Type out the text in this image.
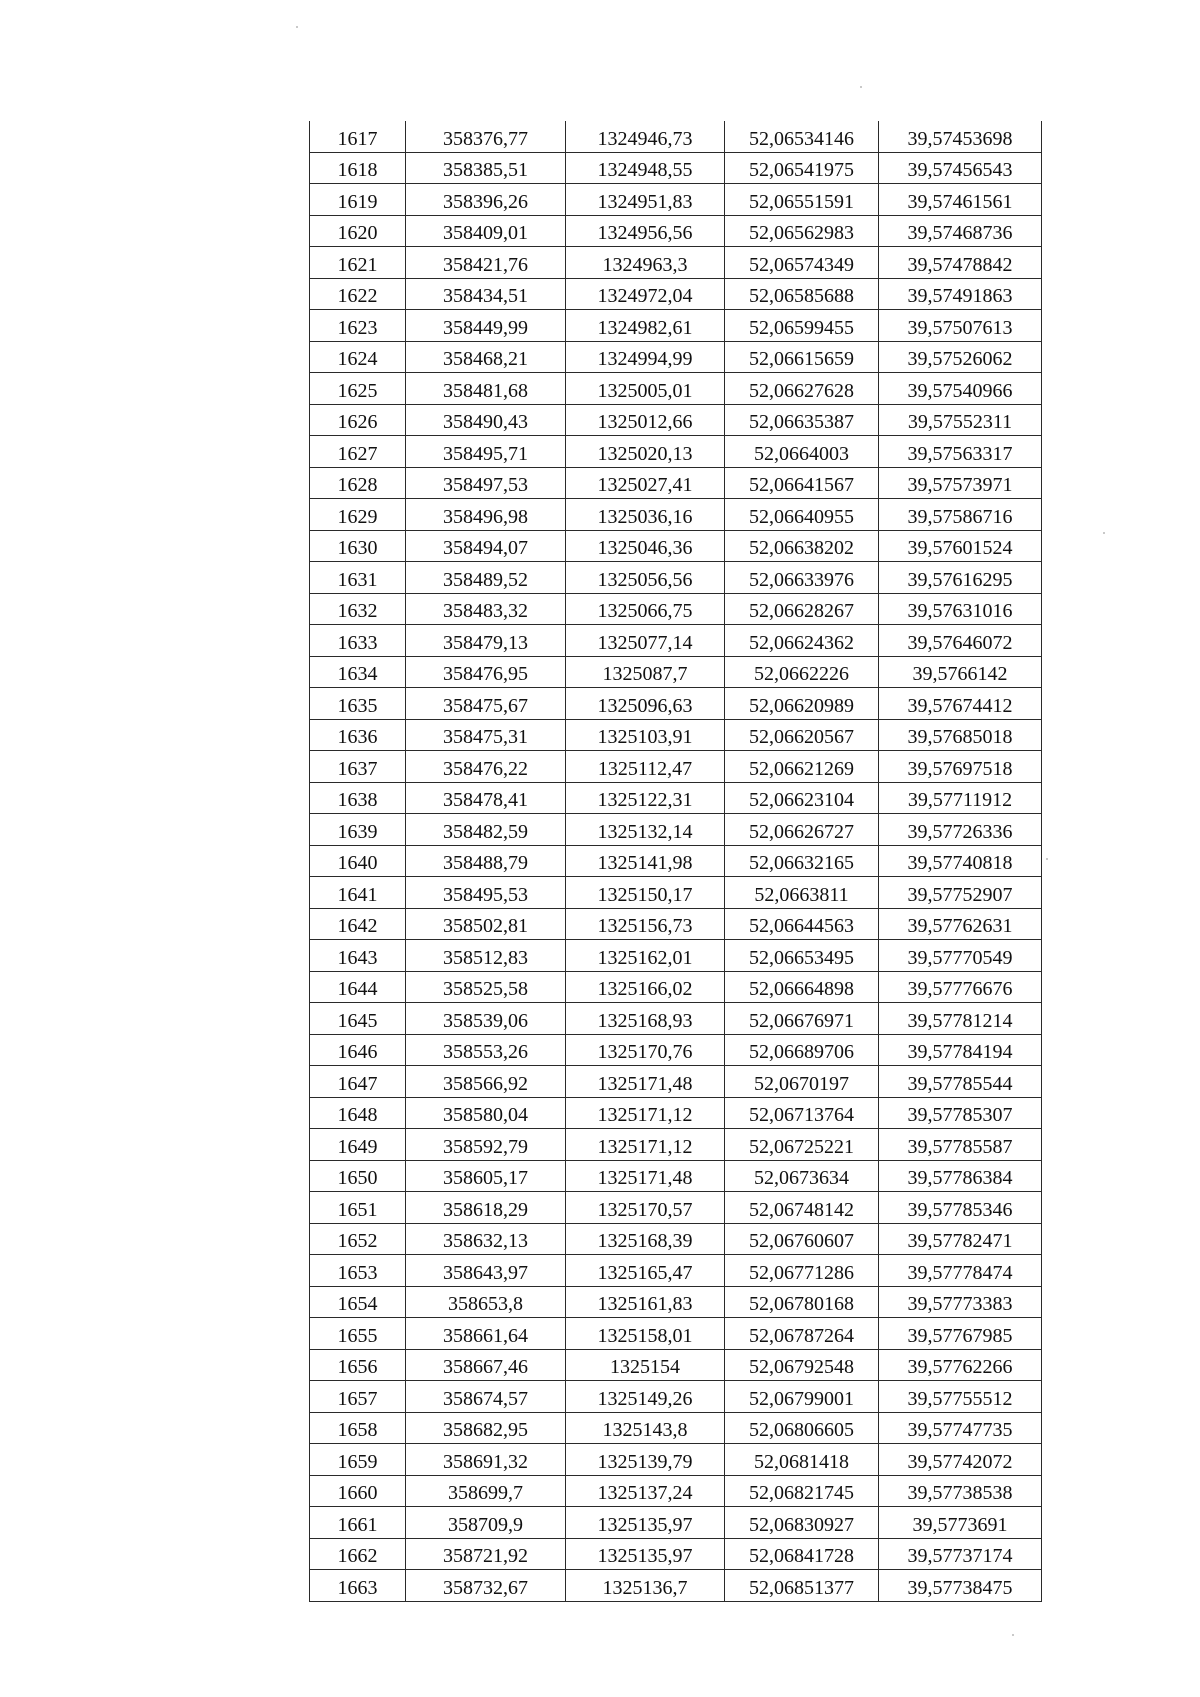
1617	358376,77	1324946,73	52,06534146	39,57453698
1618	358385,51	1324948,55	52,06541975	39,57456543
1619	358396,26	1324951,83	52,06551591	39,57461561
1620	358409,01	1324956,56	52,06562983	39,57468736
1621	358421,76	1324963,3	52,06574349	39,57478842
1622	358434,51	1324972,04	52,06585688	39,57491863
1623	358449,99	1324982,61	52,06599455	39,57507613
1624	358468,21	1324994,99	52,06615659	39,57526062
1625	358481,68	1325005,01	52,06627628	39,57540966
1626	358490,43	1325012,66	52,06635387	39,57552311
1627	358495,71	1325020,13	52,0664003	39,57563317
1628	358497,53	1325027,41	52,06641567	39,57573971
1629	358496,98	1325036,16	52,06640955	39,57586716
1630	358494,07	1325046,36	52,06638202	39,57601524
1631	358489,52	1325056,56	52,06633976	39,57616295
1632	358483,32	1325066,75	52,06628267	39,57631016
1633	358479,13	1325077,14	52,06624362	39,57646072
1634	358476,95	1325087,7	52,0662226	39,5766142
1635	358475,67	1325096,63	52,06620989	39,57674412
1636	358475,31	1325103,91	52,06620567	39,57685018
1637	358476,22	1325112,47	52,06621269	39,57697518
1638	358478,41	1325122,31	52,06623104	39,57711912
1639	358482,59	1325132,14	52,06626727	39,57726336
1640	358488,79	1325141,98	52,06632165	39,57740818
1641	358495,53	1325150,17	52,0663811	39,57752907
1642	358502,81	1325156,73	52,06644563	39,57762631
1643	358512,83	1325162,01	52,06653495	39,57770549
1644	358525,58	1325166,02	52,06664898	39,57776676
1645	358539,06	1325168,93	52,06676971	39,57781214
1646	358553,26	1325170,76	52,06689706	39,57784194
1647	358566,92	1325171,48	52,0670197	39,57785544
1648	358580,04	1325171,12	52,06713764	39,57785307
1649	358592,79	1325171,12	52,06725221	39,57785587
1650	358605,17	1325171,48	52,0673634	39,57786384
1651	358618,29	1325170,57	52,06748142	39,57785346
1652	358632,13	1325168,39	52,06760607	39,57782471
1653	358643,97	1325165,47	52,06771286	39,57778474
1654	358653,8	1325161,83	52,06780168	39,57773383
1655	358661,64	1325158,01	52,06787264	39,57767985
1656	358667,46	1325154	52,06792548	39,57762266
1657	358674,57	1325149,26	52,06799001	39,57755512
1658	358682,95	1325143,8	52,06806605	39,57747735
1659	358691,32	1325139,79	52,0681418	39,57742072
1660	358699,7	1325137,24	52,06821745	39,57738538
1661	358709,9	1325135,97	52,06830927	39,5773691
1662	358721,92	1325135,97	52,06841728	39,57737174
1663	358732,67	1325136,7	52,06851377	39,57738475
